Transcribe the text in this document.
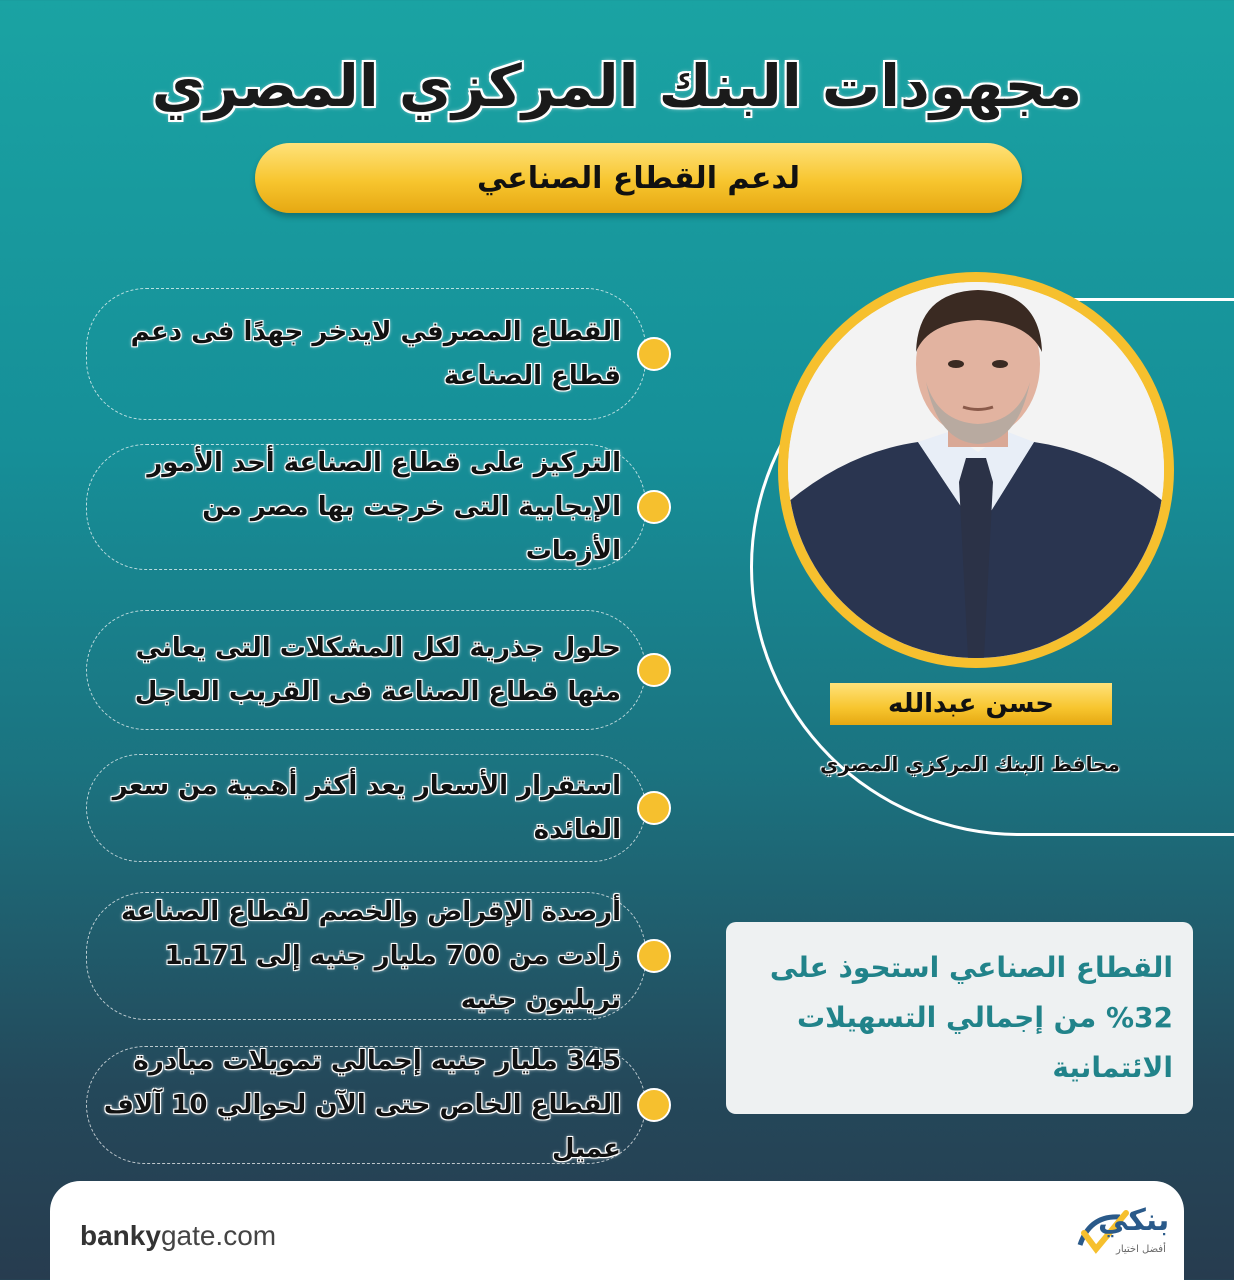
مجهودات البنك المركزي المصري
لدعم القطاع الصناعي
القطاع المصرفي لايدخر جهدًا فى دعم قطاع الصناعة
التركيز على قطاع الصناعة أحد الأمور الإيجابية التى خرجت بها مصر من الأزمات
حلول جذرية لكل المشكلات التى يعاني منها قطاع الصناعة فى القريب العاجل
استقرار الأسعار يعد أكثر أهمية من سعر الفائدة
أرصدة الإقراض والخصم لقطاع الصناعة زادت من 700 مليار جنيه إلى 1.171 تريليون جنيه
345 مليار جنيه إجمالي تمويلات مبادرة القطاع الخاص حتى الآن لحوالي 10 آلاف عميل
حسن عبدالله
محافظ البنك المركزي المصري
القطاع الصناعي استحوذ على 32% من إجمالي التسهيلات الائتمانية
bankygate.com	بنكي
أفضل اختيار
